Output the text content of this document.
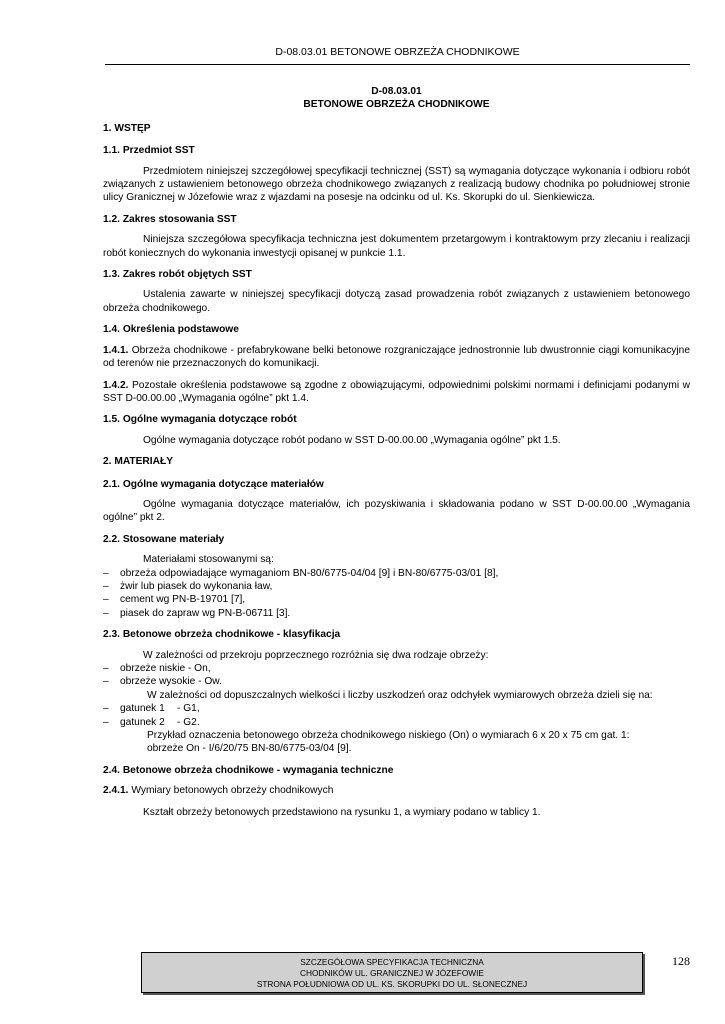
D-08.03.01 BETONOWE OBRZEŻA CHODNIKOWE
D-08.03.01
BETONOWE OBRZEŻA CHODNIKOWE
1. WSTĘP
1.1. Przedmiot SST

Przedmiotem niniejszej szczegółowej specyfikacji technicznej (SST) są wymagania dotyczące wykonania i odbioru robót związanych z ustawieniem betonowego obrzeża chodnikowego związanych z realizacją budowy chodnika po południowej stronie ulicy Granicznej w Józefowie wraz z wjazdami na posesje na odcinku od ul. Ks. Skorupki do ul. Sienkiewicza.

1.2. Zakres stosowania SST

Niniejsza szczegółowa specyfikacja techniczna jest dokumentem przetargowym i kontraktowym przy zlecaniu i realizacji robót koniecznych do wykonania inwestycji opisanej w punkcie 1.1.

1.3. Zakres robót objętych SST

Ustalenia zawarte w niniejszej specyfikacji dotyczą zasad prowadzenia robót związanych z ustawieniem betonowego obrzeża chodnikowego.

1.4. Określenia podstawowe

1.4.1. Obrzeża chodnikowe - prefabrykowane belki betonowe rozgraniczające jednostronnie lub dwustronnie ciągi komunikacyjne od terenów nie przeznaczonych do komunikacji.

1.4.2. Pozostałe określenia podstawowe są zgodne z obowiązującymi, odpowiednimi polskimi normami i definicjami podanymi w SST D-00.00.00 „Wymagania ogólne” pkt 1.4.

1.5. Ogólne wymagania dotyczące robót

Ogólne wymagania dotyczące robót podano w SST D-00.00.00 „Wymagania ogólne” pkt 1.5.

2. MATERIAŁY
2.1. Ogólne wymagania dotyczące materiałów

Ogólne wymagania dotyczące materiałów, ich pozyskiwania i składowania podano w SST D-00.00.00 „Wymagania ogólne” pkt 2.

2.2. Stosowane materiały

Materiałami stosowanymi są:

– obrzeża odpowiadające wymaganiom BN-80/6775-04/04 [9] i BN-80/6775-03/01 [8],
– żwir lub piasek do wykonania ław,
– cement wg PN-B-19701 [7],
– piasek do zapraw wg PN-B-06711 [3].
2.3. Betonowe obrzeża chodnikowe - klasyfikacja

W zależności od przekroju poprzecznego rozróżnia się dwa rodzaje obrzeży:

– obrzeże niskie - On,
– obrzeże wysokie - Ow.
W zależności od dopuszczalnych wielkości i liczby uszkodzeń oraz odchyłek wymiarowych obrzeża dzieli się na:
– gatunek 1	- G1,
– gatunek 2	- G2.
Przykład oznaczenia betonowego obrzeża chodnikowego niskiego (On) o wymiarach 6 x 20 x 75 cm gat. 1:
obrzeże On - I/6/20/75 BN-80/6775-03/04 [9].
2.4. Betonowe obrzeża chodnikowe - wymagania techniczne

2.4.1. Wymiary betonowych obrzeży chodnikowych

Kształt obrzeży betonowych przedstawiono na rysunku 1, a wymiary podano w tablicy 1.

128
SZCZEGÓŁOWA SPECYFIKACJA TECHNICZNA
CHODNIKÓW UL. GRANICZNEJ W JÓZEFOWIE
STRONA POŁUDNIOWA OD UL. KS. SKORUPKI DO UL. SŁONECZNEJ
